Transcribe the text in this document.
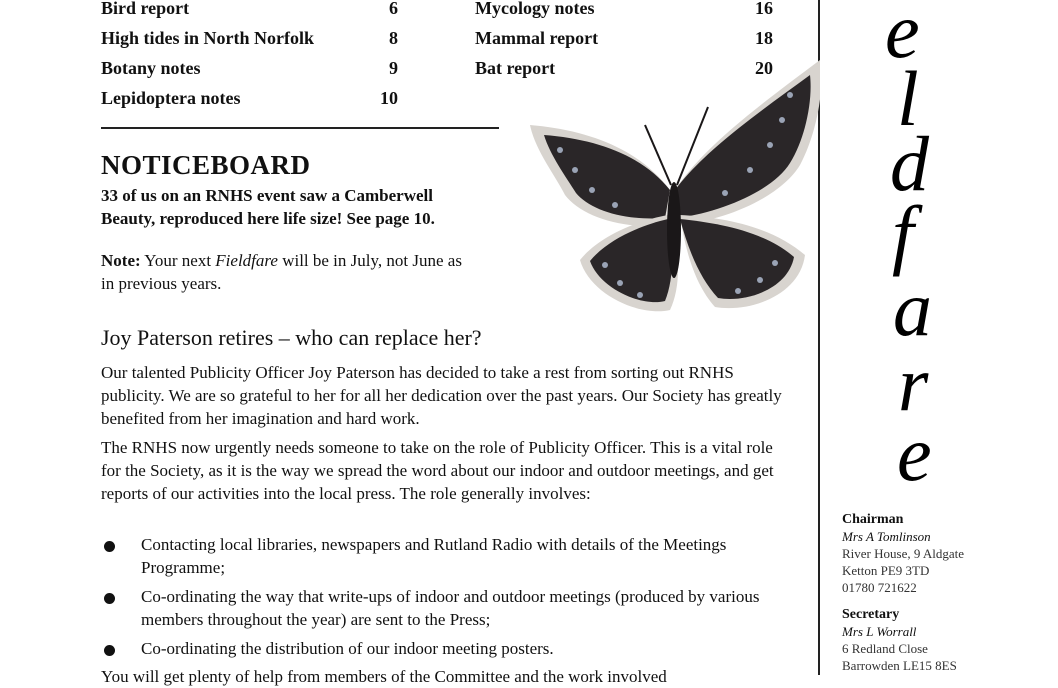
Bird report	6
High tides in North Norfolk	8
Botany notes	9
Lepidoptera notes	10
Mycology notes	16
Mammal report	18
Bat report	20
NOTICEBOARD
33 of us on an RNHS event saw a Camberwell
Beauty, reproduced here life size! See page 10.
Note: Your next Fieldfare will be in July, not June as
in previous years.
Joy Paterson retires – who can replace her?
Our talented Publicity Officer Joy Paterson has decided to take a rest from sorting out RNHS publicity. We are so grateful to her for all her dedication over the past years. Our Society has greatly benefited from her imagination and hard work.
The RNHS now urgently needs someone to take on the role of Publicity Officer. This is a vital role for the Society, as it is the way we spread the word about our indoor and outdoor meetings, and get reports of our activities into the local press. The role generally involves:
Contacting local libraries, newspapers and Rutland Radio with details of the Meetings Programme;
Co-ordinating the way that write-ups of indoor and outdoor meetings (produced by various members throughout the year) are sent to the Press;
Co-ordinating the distribution of our indoor meeting posters.
You will get plenty of help from members of the Committee and the work involved
e
l
d
f
a
r
e
Chairman
Mrs A Tomlinson
River House, 9 Aldgate
Ketton PE9 3TD
01780 721622
Secretary
Mrs L Worrall
6 Redland Close
Barrowden LE15 8ES
